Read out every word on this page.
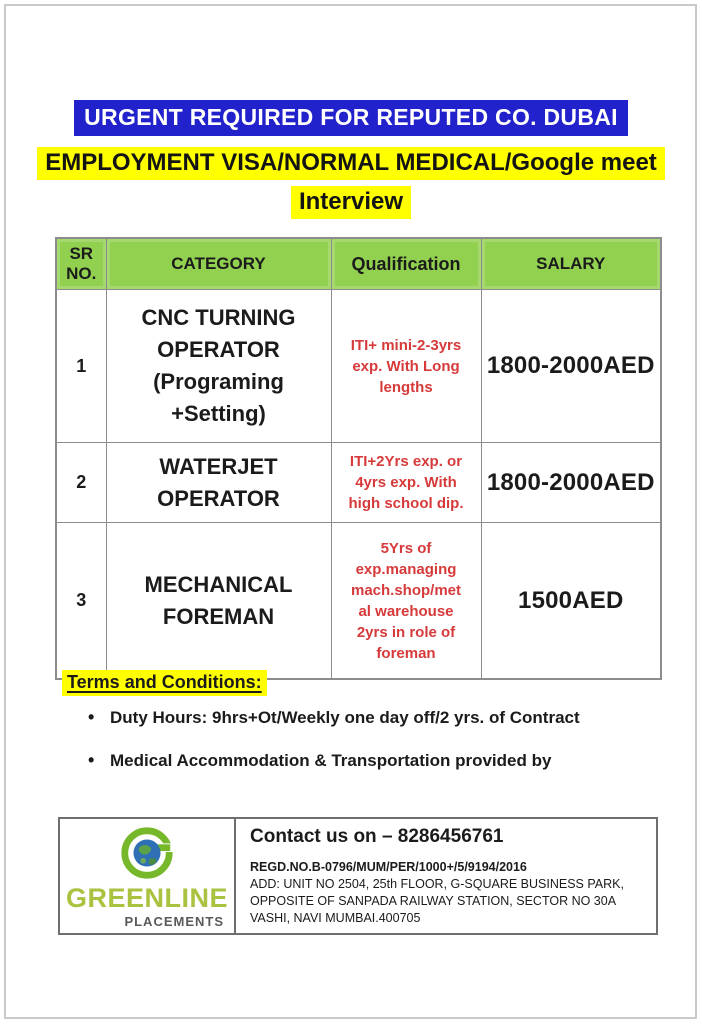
URGENT REQUIRED FOR REPUTED CO. DUBAI
EMPLOYMENT VISA/NORMAL MEDICAL/Google meet
Interview
SR NO.	CATEGORY	Qualification	SALARY
1	CNC TURNING OPERATOR (Programing +Setting)	ITI+ mini-2-3yrs exp. With Long lengths	1800-2000AED
2	WATERJET OPERATOR	ITI+2Yrs exp. or 4yrs exp. With high school dip.	1800-2000AED
3	MECHANICAL FOREMAN	5Yrs of exp.managing mach.shop/met al warehouse 2yrs in role of foreman	1500AED
Terms and Conditions:
• Duty Hours: 9hrs+Ot/Weekly one day off/2 yrs. of Contract
• Medical Accommodation & Transportation provided by
GREENLINE
PLACEMENTS
Contact us on – 8286456761
REGD.NO.B-0796/MUM/PER/1000+/5/9194/2016
ADD: UNIT NO 2504, 25th FLOOR, G-SQUARE BUSINESS PARK, OPPOSITE OF SANPADA RAILWAY STATION, SECTOR NO 30A VASHI, NAVI MUMBAI.400705
